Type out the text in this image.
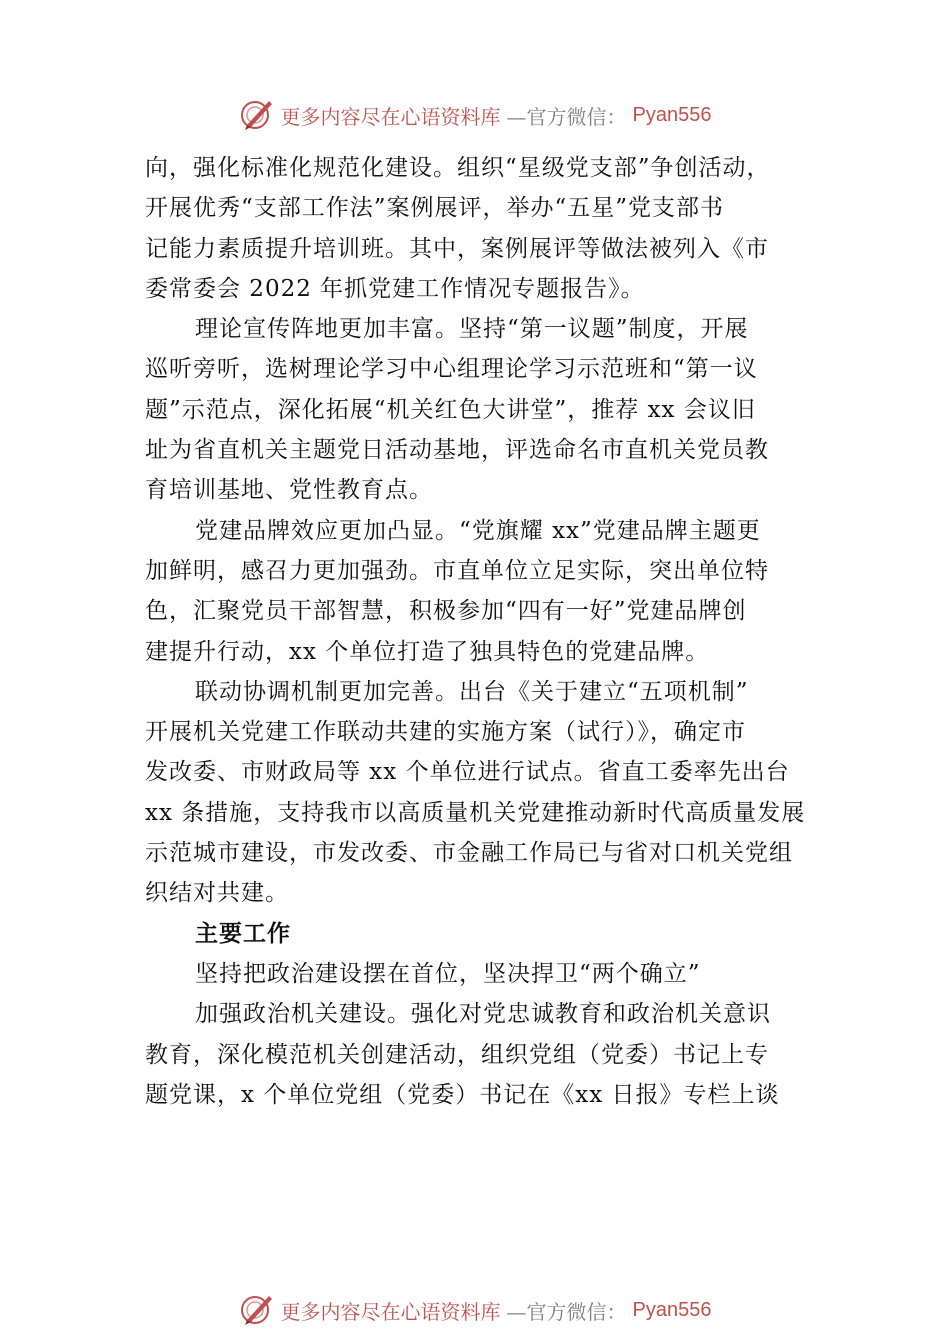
更多内容尽在心语资料库 —官方微信： Pyan556
向，强化标准化规范化建设。组织“星级党支部”争创活动，
开展优秀“支部工作法”案例展评，举办“五星”党支部书
记能力素质提升培训班。其中，案例展评等做法被列入《市
委常委会 2022 年抓党建工作情况专题报告》。
理论宣传阵地更加丰富。坚持“第一议题”制度，开展
巡听旁听，选树理论学习中心组理论学习示范班和“第一议
题”示范点，深化拓展“机关红色大讲堂”，推荐 xx 会议旧
址为省直机关主题党日活动基地，评选命名市直机关党员教
育培训基地、党性教育点。
党建品牌效应更加凸显。“党旗耀 xx”党建品牌主题更
加鲜明，感召力更加强劲。市直单位立足实际，突出单位特
色，汇聚党员干部智慧，积极参加“四有一好”党建品牌创
建提升行动，xx 个单位打造了独具特色的党建品牌。
联动协调机制更加完善。出台《关于建立“五项机制”
开展机关党建工作联动共建的实施方案（试行）》，确定市
发改委、市财政局等 xx 个单位进行试点。省直工委率先出台
xx 条措施，支持我市以高质量机关党建推动新时代高质量发展
示范城市建设，市发改委、市金融工作局已与省对口机关党组
织结对共建。
主要工作
坚持把政治建设摆在首位，坚决捍卫“两个确立”
加强政治机关建设。强化对党忠诚教育和政治机关意识
教育，深化模范机关创建活动，组织党组（党委）书记上专
题党课，x 个单位党组（党委）书记在《xx 日报》专栏上谈
更多内容尽在心语资料库 —官方微信： Pyan556
